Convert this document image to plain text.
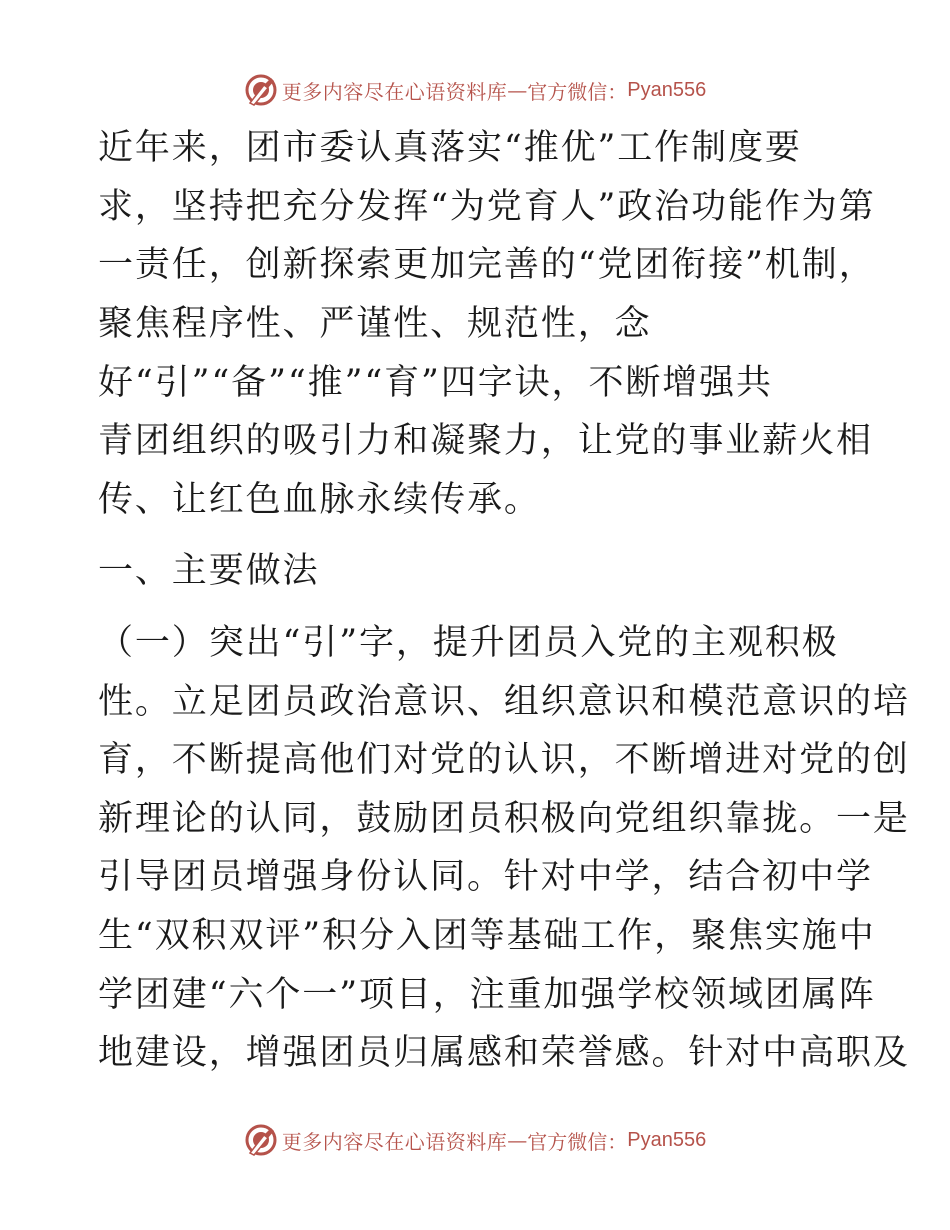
更多内容尽在心语资料库 — 官方微信： Pyan556
近年来，团市委认真落实“推优”工作制度要
求，坚持把充分发挥“为党育人”政治功能作为第
一责任，创新探索更加完善的“党团衔接”机制，
聚焦程序性、严谨性、规范性，念
好“引”“备”“推”“育”四字诀，不断增强共
青团组织的吸引力和凝聚力，让党的事业薪火相
传、让红色血脉永续传承。
一、主要做法
（一）突出“引”字，提升团员入党的主观积极
性。立足团员政治意识、组织意识和模范意识的培
育，不断提高他们对党的认识，不断增进对党的创
新理论的认同，鼓励团员积极向党组织靠拢。一是
引导团员增强身份认同。针对中学，结合初中学
生“双积双评”积分入团等基础工作，聚焦实施中
学团建“六个一”项目，注重加强学校领域团属阵
地建设，增强团员归属感和荣誉感。针对中高职及
更多内容尽在心语资料库 — 官方微信： Pyan556
